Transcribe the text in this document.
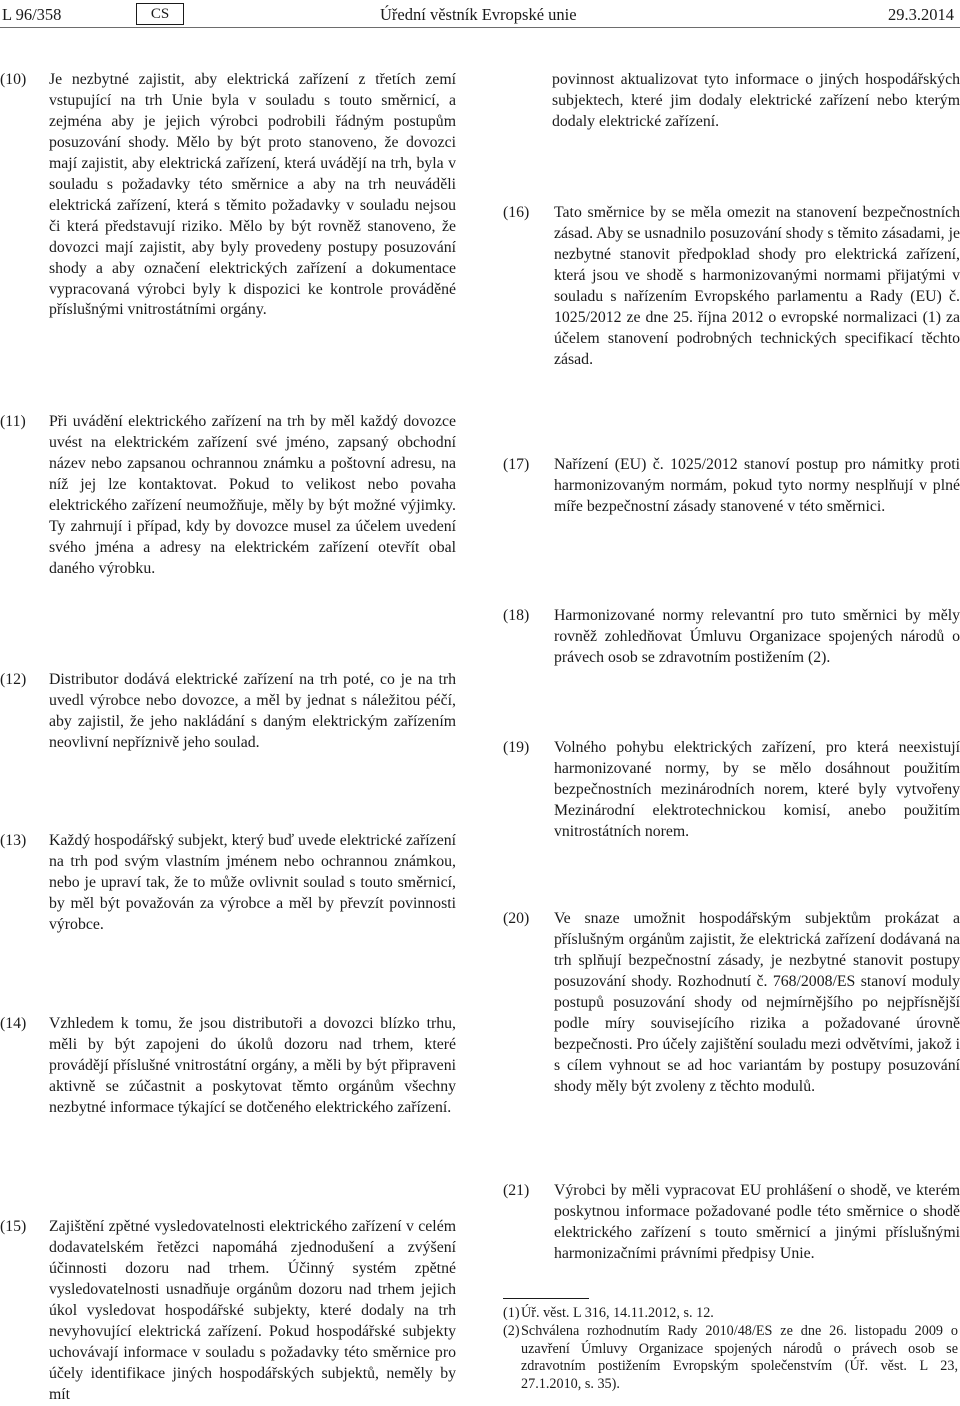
L 96/358	CS	Úřední věstník Evropské unie	29.3.2014
(10) Je nezbytné zajistit, aby elektrická zařízení z třetích zemí vstupující na trh Unie byla v souladu s touto směrnicí, a zejména aby je jejich výrobci podrobili řádným postupům posuzování shody. Mělo by být proto stanoveno, že dovozci mají zajistit, aby elektrická zařízení, která uvádějí na trh, byla v souladu s požadavky této směrnice a aby na trh neuváděli elektrická zařízení, která s těmito požadavky v souladu nejsou či která představují riziko. Mělo by být rovněž stanoveno, že dovozci mají zajistit, aby byly provedeny postupy posuzování shody a aby označení elektrických zařízení a dokumentace vypracovaná výrobci byly k dispozici ke kontrole prováděné příslušnými vnitrostátními orgány.
(11) Při uvádění elektrického zařízení na trh by měl každý dovozce uvést na elektrickém zařízení své jméno, zapsaný obchodní název nebo zapsanou ochrannou známku a poštovní adresu, na níž jej lze kontaktovat. Pokud to velikost nebo povaha elektrického zařízení neumožňuje, měly by být možné výjimky. Ty zahrnují i případ, kdy by dovozce musel za účelem uvedení svého jména a adresy na elektrickém zařízení otevřít obal daného výrobku.
(12) Distributor dodává elektrické zařízení na trh poté, co je na trh uvedl výrobce nebo dovozce, a měl by jednat s náležitou péčí, aby zajistil, že jeho nakládání s daným elektrickým zařízením neovlivní nepříznivě jeho soulad.
(13) Každý hospodářský subjekt, který buď uvede elektrické zařízení na trh pod svým vlastním jménem nebo ochrannou známkou, nebo je upraví tak, že to může ovlivnit soulad s touto směrnicí, by měl být považován za výrobce a měl by převzít povinnosti výrobce.
(14) Vzhledem k tomu, že jsou distributoři a dovozci blízko trhu, měli by být zapojeni do úkolů dozoru nad trhem, které provádějí příslušné vnitrostátní orgány, a měli by být připraveni aktivně se zúčastnit a poskytovat těmto orgánům všechny nezbytné informace týkající se dotčeného elektrického zařízení.
(15) Zajištění zpětné vysledovatelnosti elektrického zařízení v celém dodavatelském řetězci napomáhá zjednodušení a zvýšení účinnosti dozoru nad trhem. Účinný systém zpětné vysledovatelnosti usnadňuje orgánům dozoru nad trhem jejich úkol vysledovat hospodářské subjekty, které dodaly na trh nevyhovující elektrická zařízení. Pokud hospodářské subjekty uchovávají informace v souladu s požadavky této směrnice pro účely identifikace jiných hospodářských subjektů, neměly by mít
povinnost aktualizovat tyto informace o jiných hospodářských subjektech, které jim dodaly elektrické zařízení nebo kterým dodaly elektrické zařízení.
(16) Tato směrnice by se měla omezit na stanovení bezpečnostních zásad. Aby se usnadnilo posuzování shody s těmito zásadami, je nezbytné stanovit předpoklad shody pro elektrická zařízení, která jsou ve shodě s harmonizovanými normami přijatými v souladu s nařízením Evropského parlamentu a Rady (EU) č. 1025/2012 ze dne 25. října 2012 o evropské normalizaci (1) za účelem stanovení podrobných technických specifikací těchto zásad.
(17) Nařízení (EU) č. 1025/2012 stanoví postup pro námitky proti harmonizovaným normám, pokud tyto normy nesplňují v plné míře bezpečnostní zásady stanovené v této směrnici.
(18) Harmonizované normy relevantní pro tuto směrnici by měly rovněž zohledňovat Úmluvu Organizace spojených národů o právech osob se zdravotním postižením (2).
(19) Volného pohybu elektrických zařízení, pro která neexistují harmonizované normy, by se mělo dosáhnout použitím bezpečnostních mezinárodních norem, které byly vytvořeny Mezinárodní elektrotechnickou komisí, anebo použitím vnitrostátních norem.
(20) Ve snaze umožnit hospodářským subjektům prokázat a příslušným orgánům zajistit, že elektrická zařízení dodávaná na trh splňují bezpečnostní zásady, je nezbytné stanovit postupy posuzování shody. Rozhodnutí č. 768/2008/ES stanoví moduly postupů posuzování shody od nejmírnějšího po nejpřísnější podle míry souvisejícího rizika a požadované úrovně bezpečnosti. Pro účely zajištění souladu mezi odvětvími, jakož i s cílem vyhnout se ad hoc variantám by postupy posuzování shody měly být zvoleny z těchto modulů.
(21) Výrobci by měli vypracovat EU prohlášení o shodě, ve kterém poskytnou informace požadované podle této směrnice o shodě elektrického zařízení s touto směrnicí a jinými příslušnými harmonizačními právními předpisy Unie.
(1) Úř. věst. L 316, 14.11.2012, s. 12.
(2) Schválena rozhodnutím Rady 2010/48/ES ze dne 26. listopadu 2009 o uzavření Úmluvy Organizace spojených národů o právech osob se zdravotním postižením Evropským společenstvím (Úř. věst. L 23, 27.1.2010, s. 35).
